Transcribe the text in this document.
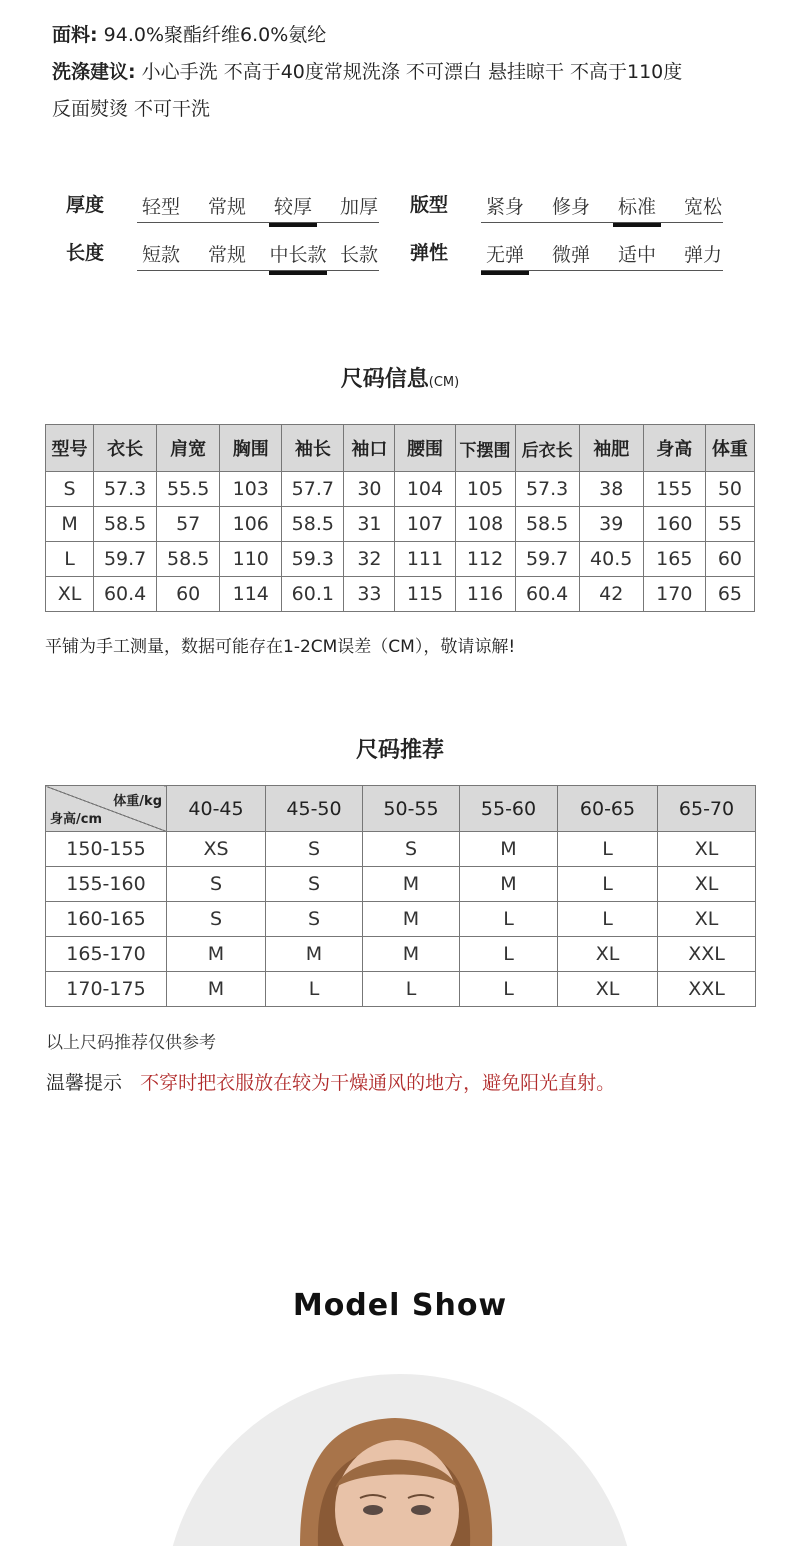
面料: 94.0%聚酯纤维6.0%氨纶
洗涤建议: 小心手洗 不高于40度常规洗涤 不可漂白 悬挂晾干 不高于110度
反面熨烫 不可干洗
厚度	轻型	常规	较厚	加厚	版型	紧身	修身	标准	宽松
长度	短款	常规	中长款 长款	弹性	无弹	微弹	适中	弹力
尺码信息(CM)
型号	衣长	肩宽	胸围	袖长	袖口	腰围	下摆围	后衣长	袖肥	身高	体重
S	57.3	55.5	103	57.7	30	104	105	57.3	38	155	50
M	58.5	57	106	58.5	31	107	108	58.5	39	160	55
L	59.7	58.5	110	59.3	32	111	112	59.7	40.5	165	60
XL	60.4	60	114	60.1	33	115	116	60.4	42	170	65
平铺为手工测量，数据可能存在1-2CM误差（CM），敬请谅解!
尺码推荐
体重/kg
身高/cm	40-45	45-50	50-55	55-60	60-65	65-70
150-155	XS	S	S	M	L	XL
155-160	S	S	M	M	L	XL
160-165	S	S	M	L	L	XL
165-170	M	M	M	L	XL	XXL
170-175	M	L	L	L	XL	XXL
以上尺码推荐仅供参考
温馨提示 不穿时把衣服放在较为干燥通风的地方，避免阳光直射。
Model Show
